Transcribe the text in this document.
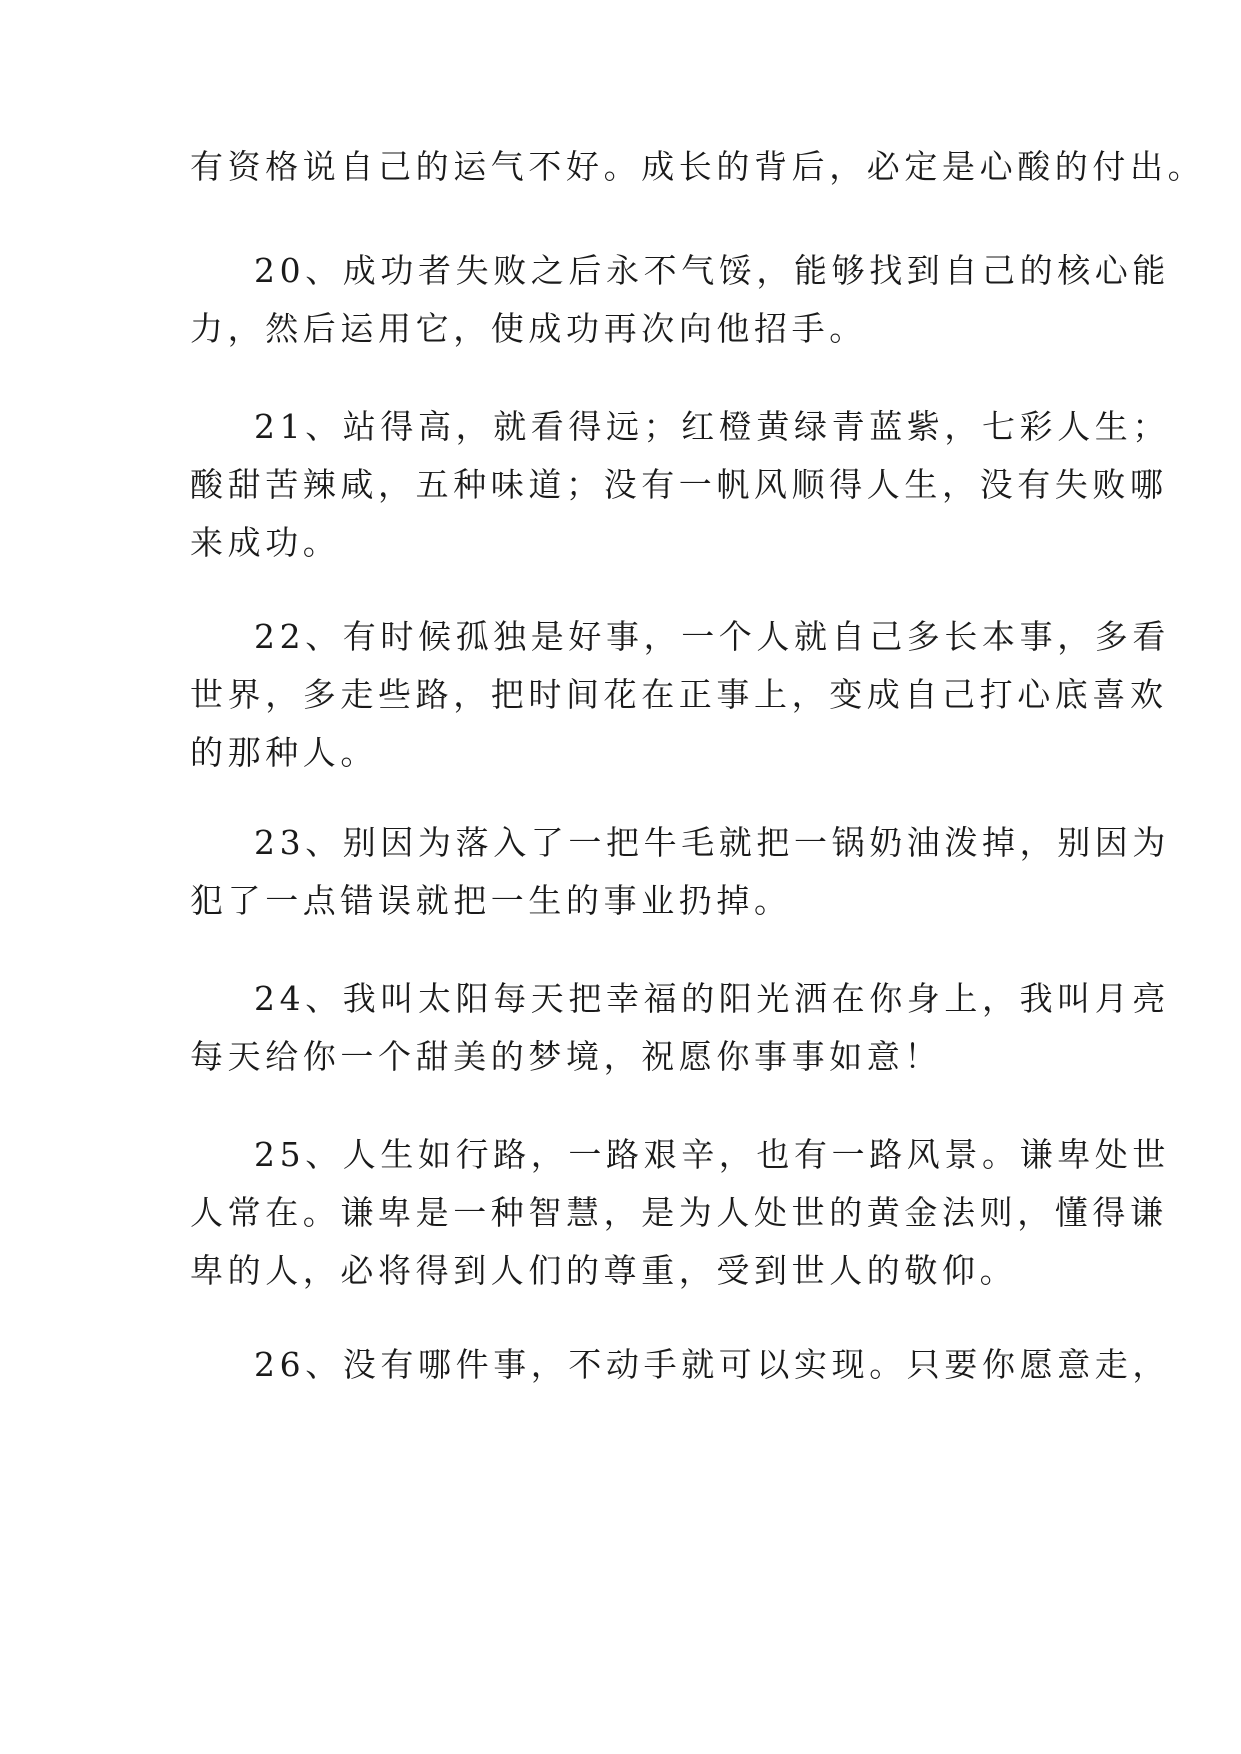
有资格说自己的运气不好。成长的背后，必定是心酸的付出。

20、成功者失败之后永不气馁，能够找到自己的核心能
力，然后运用它，使成功再次向他招手。

21、站得高，就看得远；红橙黄绿青蓝紫，七彩人生；
酸甜苦辣咸，五种味道；没有一帆风顺得人生，没有失败哪
来成功。

22、有时候孤独是好事，一个人就自己多长本事，多看
世界，多走些路，把时间花在正事上，变成自己打心底喜欢
的那种人。

23、别因为落入了一把牛毛就把一锅奶油泼掉，别因为
犯了一点错误就把一生的事业扔掉。

24、我叫太阳每天把幸福的阳光洒在你身上，我叫月亮
每天给你一个甜美的梦境，祝愿你事事如意！

25、人生如行路，一路艰辛，也有一路风景。谦卑处世
人常在。谦卑是一种智慧，是为人处世的黄金法则，懂得谦
卑的人，必将得到人们的尊重，受到世人的敬仰。

26、没有哪件事，不动手就可以实现。只要你愿意走，
